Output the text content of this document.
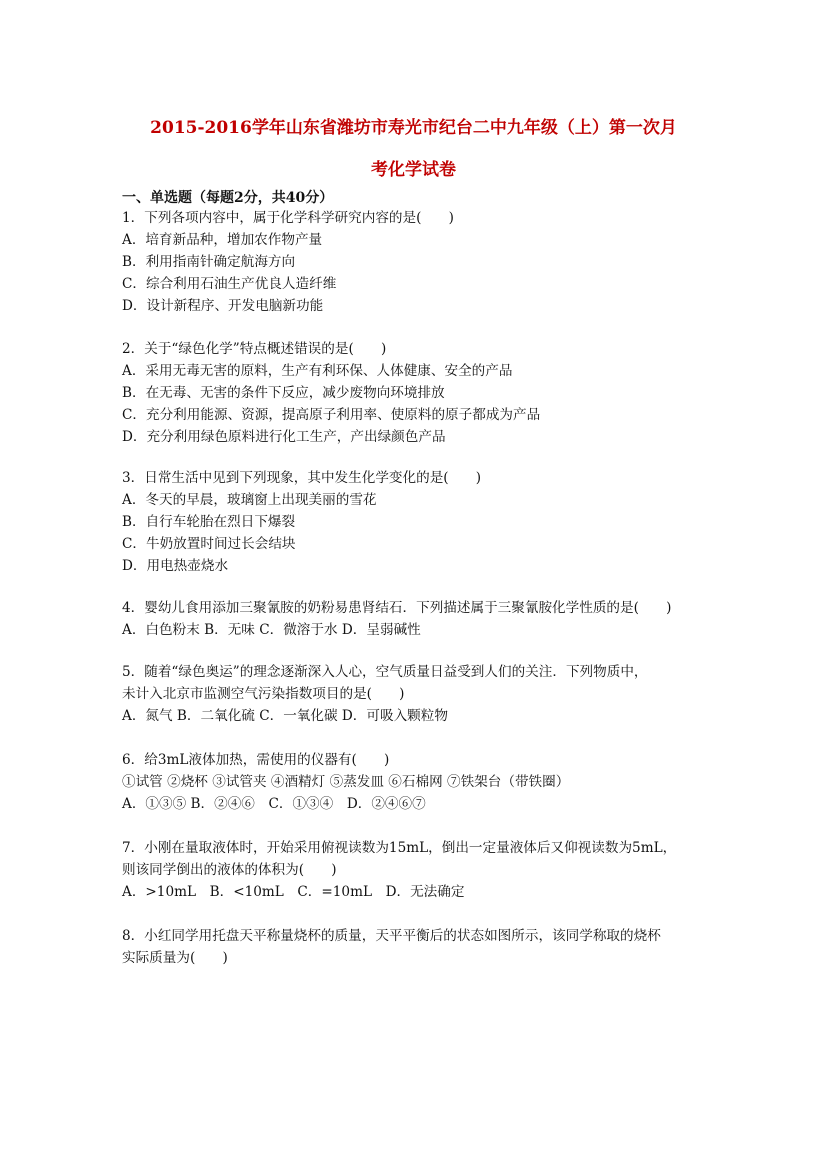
2015-2016学年山东省潍坊市寿光市纪台二中九年级（上）第一次月
考化学试卷
一、单选题（每题2分，共40分）
1．下列各项内容中，属于化学科学研究内容的是(　　)
A．培育新品种，增加农作物产量
B．利用指南针确定航海方向
C．综合利用石油生产优良人造纤维
D．设计新程序、开发电脑新功能
2．关于“绿色化学”特点概述错误的是(　　)
A．采用无毒无害的原料，生产有利环保、人体健康、安全的产品
B．在无毒、无害的条件下反应，减少废物向环境排放
C．充分利用能源、资源，提高原子利用率、使原料的原子都成为产品
D．充分利用绿色原料进行化工生产，产出绿颜色产品
3．日常生活中见到下列现象，其中发生化学变化的是(　　)
A．冬天的早晨，玻璃窗上出现美丽的雪花
B．自行车轮胎在烈日下爆裂
C．牛奶放置时间过长会结块
D．用电热壶烧水
4．婴幼儿食用添加三聚氰胺的奶粉易患肾结石．下列描述属于三聚氰胺化学性质的是(　　)
A．白色粉末 B．无味 C．微溶于水 D．呈弱碱性
5．随着“绿色奥运”的理念逐渐深入人心，空气质量日益受到人们的关注．下列物质中，
未计入北京市监测空气污染指数项目的是(　　)
A．氮气 B．二氧化硫 C．一氧化碳 D．可吸入颗粒物
6．给3mL液体加热，需使用的仪器有(　　)
①试管 ②烧杯 ③试管夹 ④酒精灯 ⑤蒸发皿 ⑥石棉网 ⑦铁架台（带铁圈）
A．①③⑤ B．②④⑥　C．①③④　D．②④⑥⑦
7．小刚在量取液体时，开始采用俯视读数为15mL，倒出一定量液体后又仰视读数为5mL，
则该同学倒出的液体的体积为(　　)
A．>10mL　B．<10mL　C．=10mL　D．无法确定
8．小红同学用托盘天平称量烧杯的质量，天平平衡后的状态如图所示，该同学称取的烧杯
实际质量为(　　)
